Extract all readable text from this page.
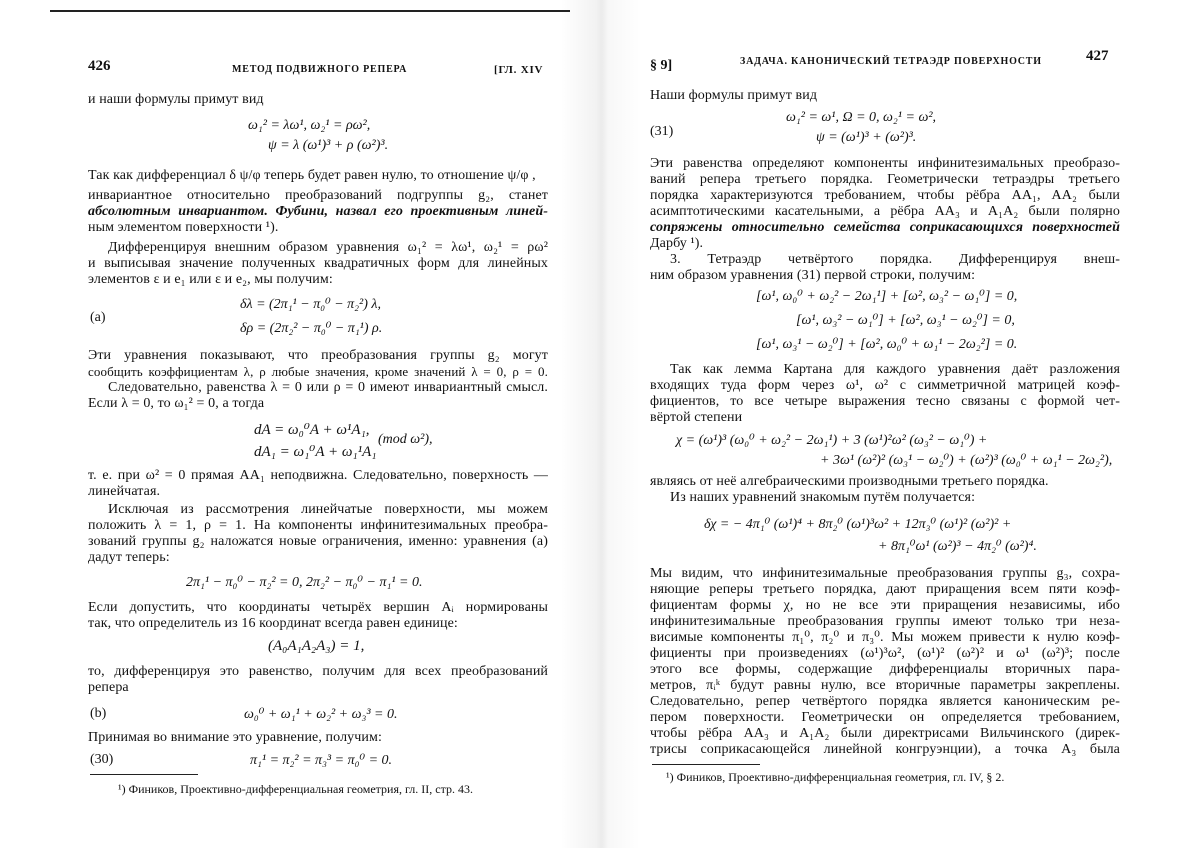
426	МЕТОД ПОДВИЖНОГО РЕПЕРА	[ГЛ. XIV
и наши формулы примут вид
ω₁² = λω¹, ω₂¹ = ρω²,
ψ = λ (ω¹)³ + ρ (ω²)³.
Так как дифференциал δ ψ/φ теперь будет равен нулю, то отношение ψ/φ ,
инвариантное относительно преобразований подгруппы g₂, станет
абсолютным инвариантом. Фубини, назвал его проективным линей-
ным элементом поверхности ¹).
Дифференцируя внешним образом уравнения ω₁² = λω¹, ω₂¹ = ρω²
и выписывая значение полученных квадратичных форм для линейных
элементов ε и e₁ или ε и e₂, мы получим:
(a)
δλ = (2π₁¹ − π₀⁰ − π₂²) λ,
δρ = (2π₂² − π₀⁰ − π₁¹) ρ.
Эти уравнения показывают, что преобразования группы g₂ могут
сообщить коэффициентам λ, ρ любые значения, кроме значений λ = 0, ρ = 0.
Следовательно, равенства λ = 0 или ρ = 0 имеют инвариантный смысл.
Если λ = 0, то ω₁² = 0, а тогда
dA = ω₀⁰A + ω¹A₁,
dA₁ = ω₁⁰A + ω₁¹A₁
(mod ω²),
т. е. при ω² = 0 прямая AA₁ неподвижна. Следовательно, поверхность —
линейчатая.
Исключая из рассмотрения линейчатые поверхности, мы можем
положить λ = 1, ρ = 1. На компоненты инфинитезимальных преобра-
зований группы g₂ наложатся новые ограничения, именно: уравнения (a)
дадут теперь:
2π₁¹ − π₀⁰ − π₂² = 0, 2π₂² − π₀⁰ − π₁¹ = 0.
Если допустить, что координаты четырёх вершин Aᵢ нормированы
так, что определитель из 16 координат всегда равен единице:
(A₀A₁A₂A₃) = 1,
то, дифференцируя это равенство, получим для всех преобразований
репера
(b)	ω₀⁰ + ω₁¹ + ω₂² + ω₃³ = 0.
Принимая во внимание это уравнение, получим:
(30)	π₁¹ = π₂² = π₃³ = π₀⁰ = 0.
¹) Фиников, Проективно-дифференциальная геометрия, гл. II, стр. 43.
§ 9]	ЗАДАЧА. КАНОНИЧЕСКИЙ ТЕТРАЭДР ПОВЕРХНОСТИ	427
Наши формулы примут вид
(31)
ω₁² = ω¹, Ω = 0, ω₂¹ = ω²,
ψ = (ω¹)³ + (ω²)³.
Эти равенства определяют компоненты инфинитезимальных преобразо-
ваний репера третьего порядка. Геометрически тетраэдры третьего
порядка характеризуются требованием, чтобы рёбра AA₁, AA₂ были
асимптотическими касательными, а рёбра AA₃ и A₁A₂ были полярно
сопряжены относительно семейства соприкасающихся поверхностей
Дарбу ¹).
3. Тетраэдр четвёртого порядка. Дифференцируя внеш-
ним образом уравнения (31) первой строки, получим:
[ω¹, ω₀⁰ + ω₂² − 2ω₁¹] + [ω², ω₃² − ω₁⁰] = 0,
[ω¹, ω₃² − ω₁⁰] + [ω², ω₃¹ − ω₂⁰] = 0,
[ω¹, ω₃¹ − ω₂⁰] + [ω², ω₀⁰ + ω₁¹ − 2ω₂²] = 0.
Так как лемма Картана для каждого уравнения даёт разложения
входящих туда форм через ω¹, ω² с симметричной матрицей коэф-
фициентов, то все четыре выражения тесно связаны с формой чет-
вёртой степени
χ = (ω¹)³ (ω₀⁰ + ω₂² − 2ω₁¹) + 3 (ω¹)²ω² (ω₃² − ω₁⁰) +
+ 3ω¹ (ω²)² (ω₃¹ − ω₂⁰) + (ω²)³ (ω₀⁰ + ω₁¹ − 2ω₂²),
являясь от неё алгебраическими производными третьего порядка.
Из наших уравнений знакомым путём получается:
δχ = − 4π₁⁰ (ω¹)⁴ + 8π₂⁰ (ω¹)³ω² + 12π₃⁰ (ω¹)² (ω²)² +
+ 8π₁⁰ω¹ (ω²)³ − 4π₂⁰ (ω²)⁴.
Мы видим, что инфинитезимальные преобразования группы g₃, сохра-
няющие реперы третьего порядка, дают приращения всем пяти коэф-
фициентам формы χ, но не все эти приращения независимы, ибо
инфинитезимальные преобразования группы имеют только три неза-
висимые компоненты π₁⁰, π₂⁰ и π₃⁰. Мы можем привести к нулю коэф-
фициенты при произведениях (ω¹)³ω², (ω¹)² (ω²)² и ω¹ (ω²)³; после
этого все формы, содержащие дифференциалы вторичных пара-
метров, πᵢᵏ будут равны нулю, все вторичные параметры закреплены.
Следовательно, репер четвёртого порядка является каноническим ре-
пером поверхности. Геометрически он определяется требованием,
чтобы рёбра AA₃ и A₁A₂ были директрисами Вильчинского (дирек-
трисы соприкасающейся линейной конгруэнции), а точка A₃ была
¹) Фиников, Проективно-дифференциальная геометрия, гл. IV, § 2.
